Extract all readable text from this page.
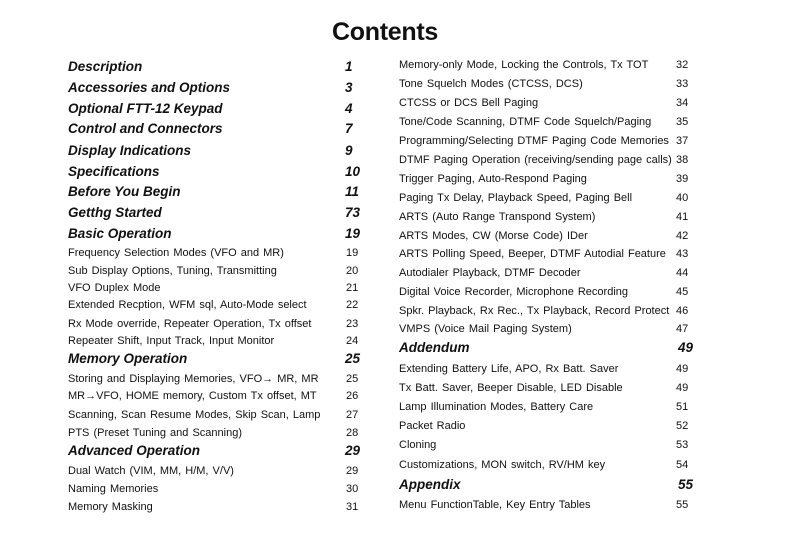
Contents
Description	1
Accessories and Options	3
Optional FTT-12 Keypad	4
Control and Connectors	7
Display Indications	9
Specifications	10
Before You Begin	11
Getthg Started	73
Basic Operation	19
Frequency Selection Modes (VFO and MR)	19
Sub Display Options, Tuning, Transmitting	20
VFO Duplex Mode	21
Extended Recption, WFM sql, Auto-Mode select	22
Rx Mode override, Repeater Operation, Tx offset	23
Repeater Shift, Input Track, Input Monitor	24
Memory Operation	25
Storing and Displaying Memories, VFO→ MR, MR 25
MR→VFO, HOME memory, Custom Tx offset, MT	26
Scanning, Scan Resume Modes, Skip Scan, Lamp 27
PTS (Preset Tuning and Scanning)	28
Advanced Operation	29
Dual Watch (VIM, MM, H/M, V/V)	29
Naming Memories	30
Memory Masking	31
Memory-only Mode, Locking the Controls, Tx TOT	32
Tone Squelch Modes (CTCSS, DCS)	33
CTCSS or DCS Bell Paging	34
Tone/Code Scanning, DTMF Code Squelch/Paging 35
Programming/Selecting DTMF Paging Code Memories 37
DTMF Paging Operation (receiving/sending page calls) 38
Trigger Paging, Auto-Respond Paging	39
Paging Tx Delay, Playback Speed, Paging Bell	40
ARTS (Auto Range Transpond System)	41
ARTS Modes, CW (Morse Code) IDer	42
ARTS Polling Speed, Beeper, DTMF Autodial Feature 43
Autodialer Playback, DTMF Decoder	44
Digital Voice Recorder, Microphone Recording	45
Spkr. Playback, Rx Rec., Tx Playback, Record Protect 46
VMPS (Voice Mail Paging System)	47
Addendum	49
Extending Battery Life, APO, Rx Batt. Saver	49
Tx Batt. Saver, Beeper Disable, LED Disable	49
Lamp Illumination Modes, Battery Care	51
Packet Radio	52
Cloning	53
Customizations, MON switch, RV/HM key	54
Appendix	55
Menu FunctionTable, Key Entry Tables	55
